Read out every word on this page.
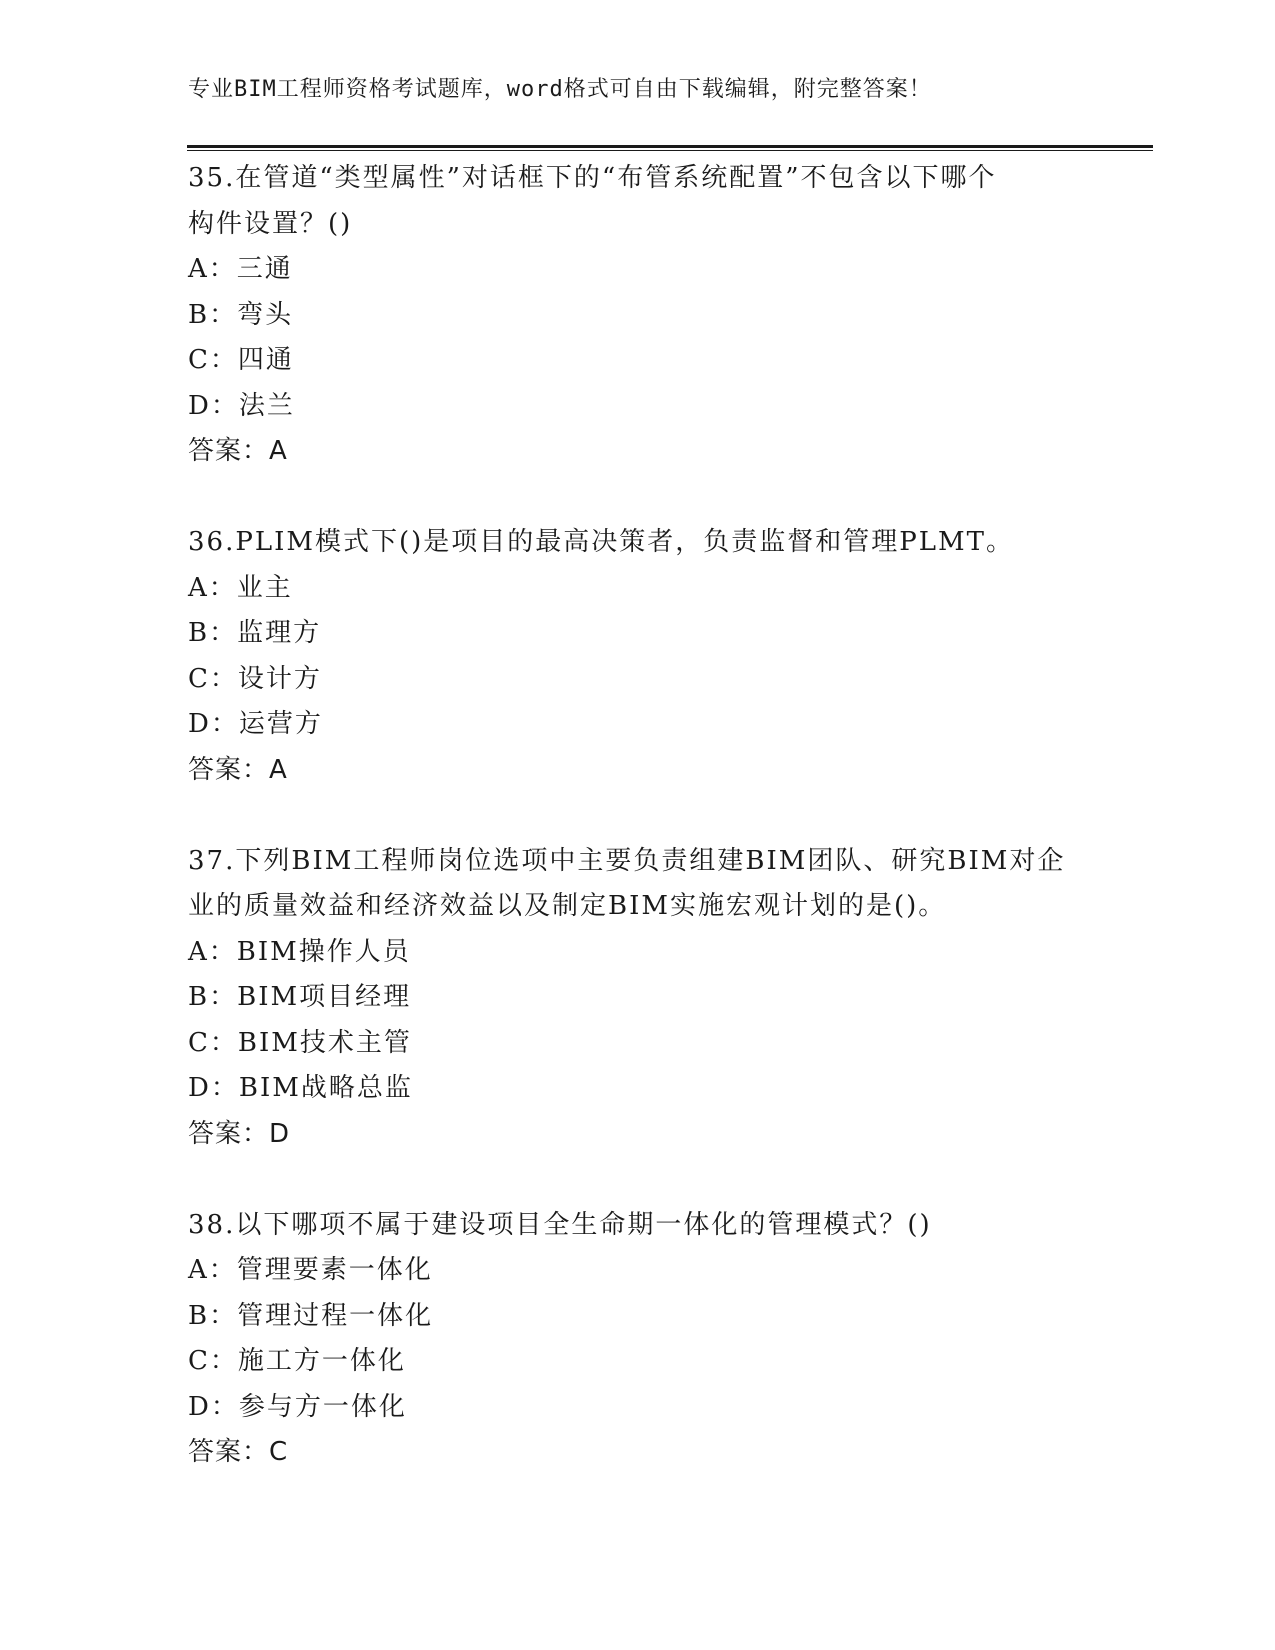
专业BIM工程师资格考试题库，word格式可自由下载编辑，附完整答案！
35.在管道“类型属性”对话框下的“布管系统配置”不包含以下哪个
构件设置？()
A：三通
B：弯头
C：四通
D：法兰
答案：A
36.PLIM模式下()是项目的最高决策者，负责监督和管理PLMT。
A：业主
B：监理方
C：设计方
D：运营方
答案：A
37.下列BIM工程师岗位选项中主要负责组建BIM团队、研究BIM对企
业的质量效益和经济效益以及制定BIM实施宏观计划的是()。
A：BIM操作人员
B：BIM项目经理
C：BIM技术主管
D：BIM战略总监
答案：D
38.以下哪项不属于建设项目全生命期一体化的管理模式？()
A：管理要素一体化
B：管理过程一体化
C：施工方一体化
D：参与方一体化
答案：C
